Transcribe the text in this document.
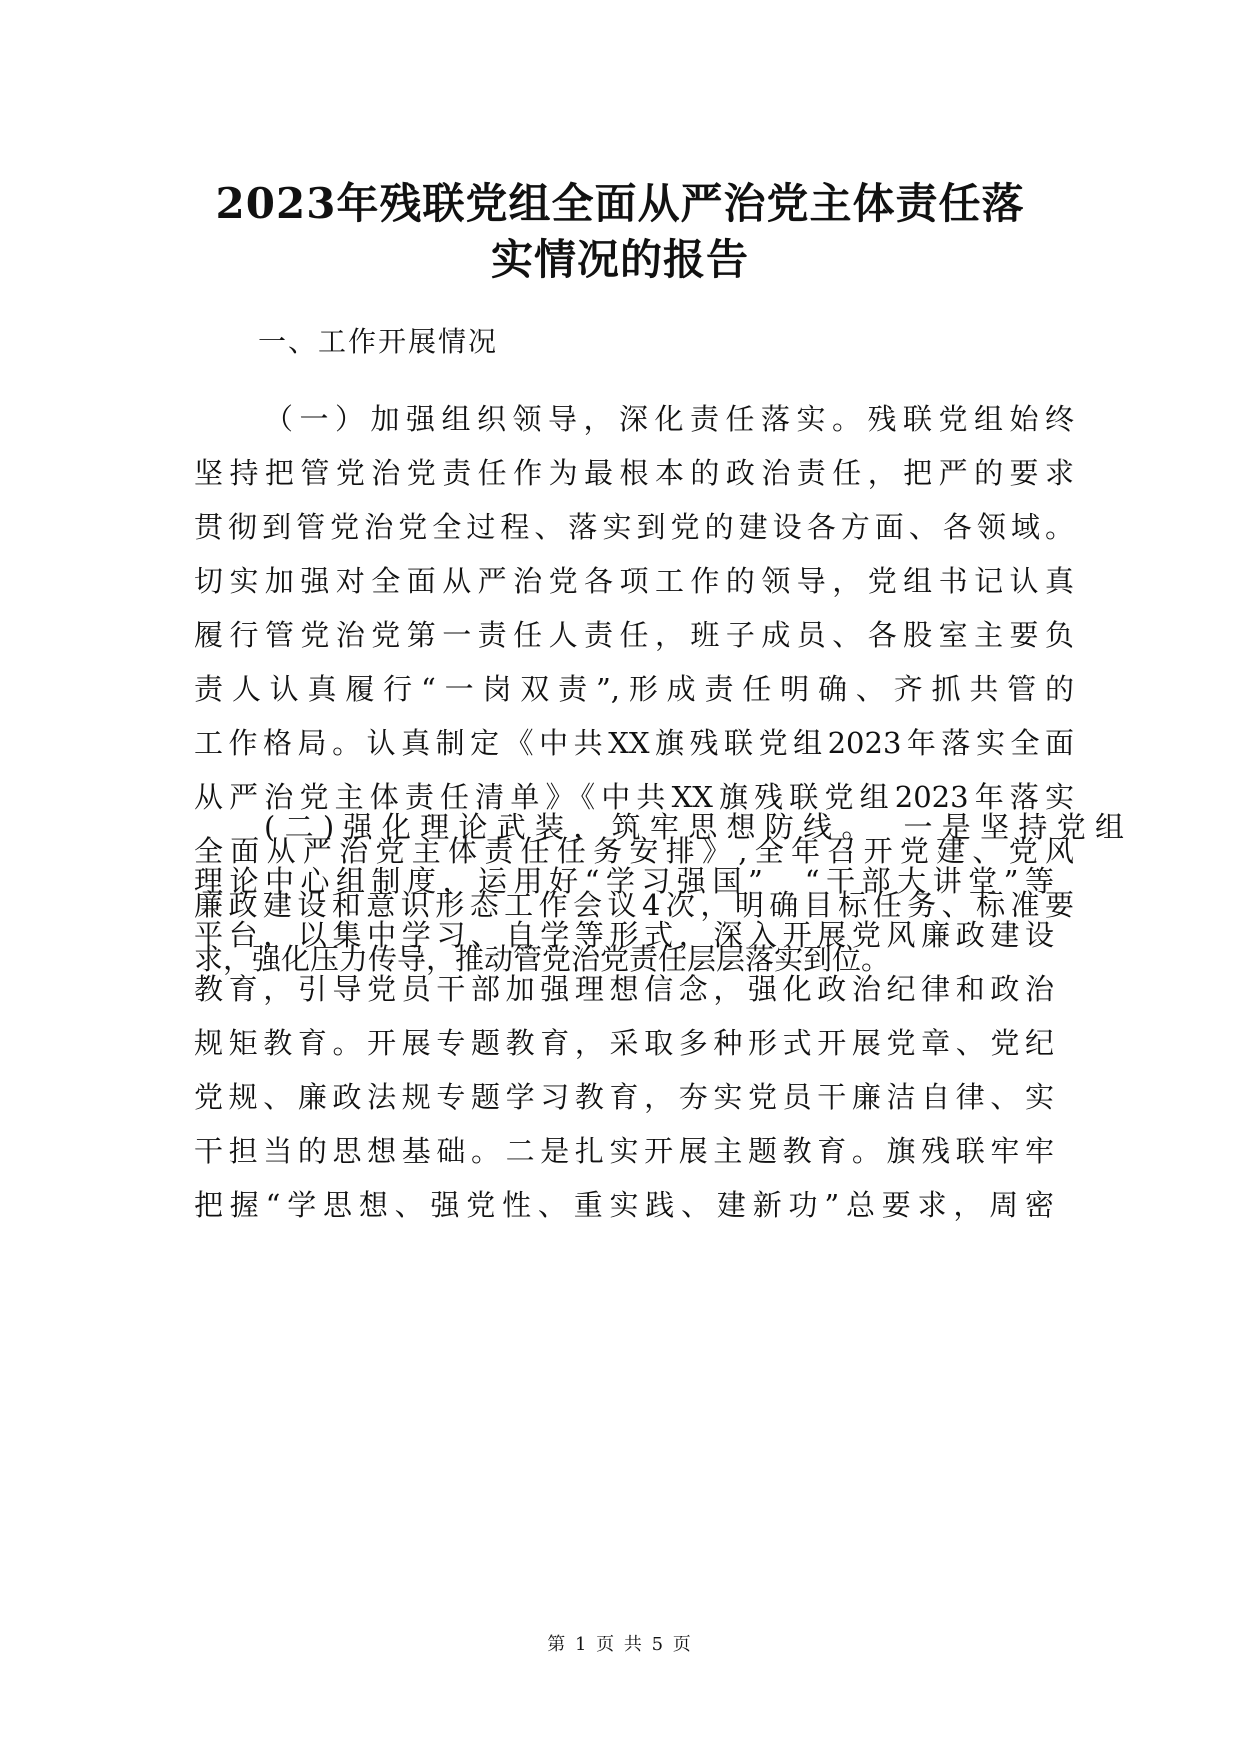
2023年残联党组全面从严治党主体责任落
实情况的报告

一、工作开展情况

（一）加强组织领导，深化责任落实。残联党组始终
坚持把管党治党责任作为最根本的政治责任，把严的要求
贯彻到管党治党全过程、落实到党的建设各方面、各领域。
切实加强对全面从严治党各项工作的领导，党组书记认真
履行管党治党第一责任人责任，班子成员、各股室主要负
责人认真履行“一岗双责”,形成责任明确、齐抓共管的
工作格局。认真制定《中共XX旗残联党组2023年落实全面
从严治党主体责任清单》《中共XX旗残联党组2023年落实
全面从严治党主体责任任务安排》,全年召开党建、党风
廉政建设和意识形态工作会议4次，明确目标任务、标准要
求，强化压力传导，推动管党治党责任层层落实到位。
(二)强化理论武装，筑牢思想防线。　一是坚持党组
理论中心组制度，运用好“学习强国”　“干部大讲堂”等
平台，以集中学习、自学等形式，深入开展党风廉政建设
教育，引导党员干部加强理想信念，强化政治纪律和政治
规矩教育。开展专题教育，采取多种形式开展党章、党纪
党规、廉政法规专题学习教育，夯实党员干廉洁自律、实
干担当的思想基础。二是扎实开展主题教育。旗残联牢牢
把握“学思想、强党性、重实践、建新功”总要求，周密
第 1 页 共 5 页
